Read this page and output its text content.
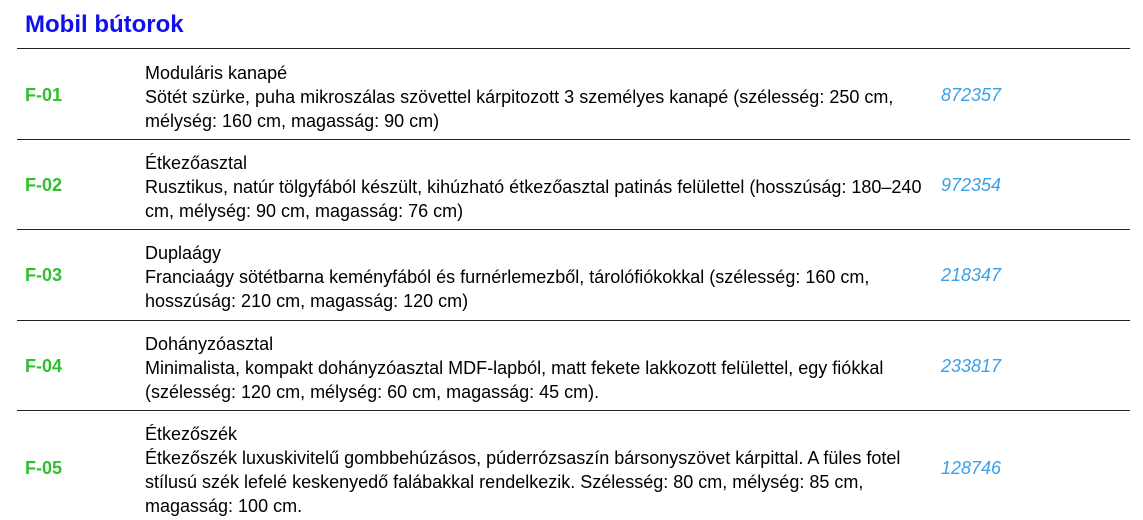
Mobil bútorok
F-01
Moduláris kanapé
Sötét szürke, puha mikroszálas szövettel kárpitozott 3 személyes kanapé (szélesség: 250 cm, mélység: 160 cm, magasság: 90 cm)
872357
F-02
Étkezőasztal
Rusztikus, natúr tölgyfából készült, kihúzható étkezőasztal patinás felülettel (hosszúság: 180–240 cm, mélység: 90 cm, magasság: 76 cm)
972354
F-03
Duplaágy
Franciaágy sötétbarna keményfából és furnérlemezből, tárolófiókokkal (szélesség: 160 cm, hosszúság: 210 cm, magasság: 120 cm)
218347
F-04
Dohányzóasztal
Minimalista, kompakt dohányzóasztal MDF-lapból, matt fekete lakkozott felülettel, egy fiókkal (szélesség: 120 cm, mélység: 60 cm, magasság: 45 cm).
233817
F-05
Étkezőszék
Étkezőszék luxuskivitelű gombbehúzásos, púderrózsaszín bársonyszövet kárpittal. A füles fotel stílusú szék lefelé keskenyedő falábakkal rendelkezik. Szélesség: 80 cm, mélység: 85 cm, magasság: 100 cm.
128746
